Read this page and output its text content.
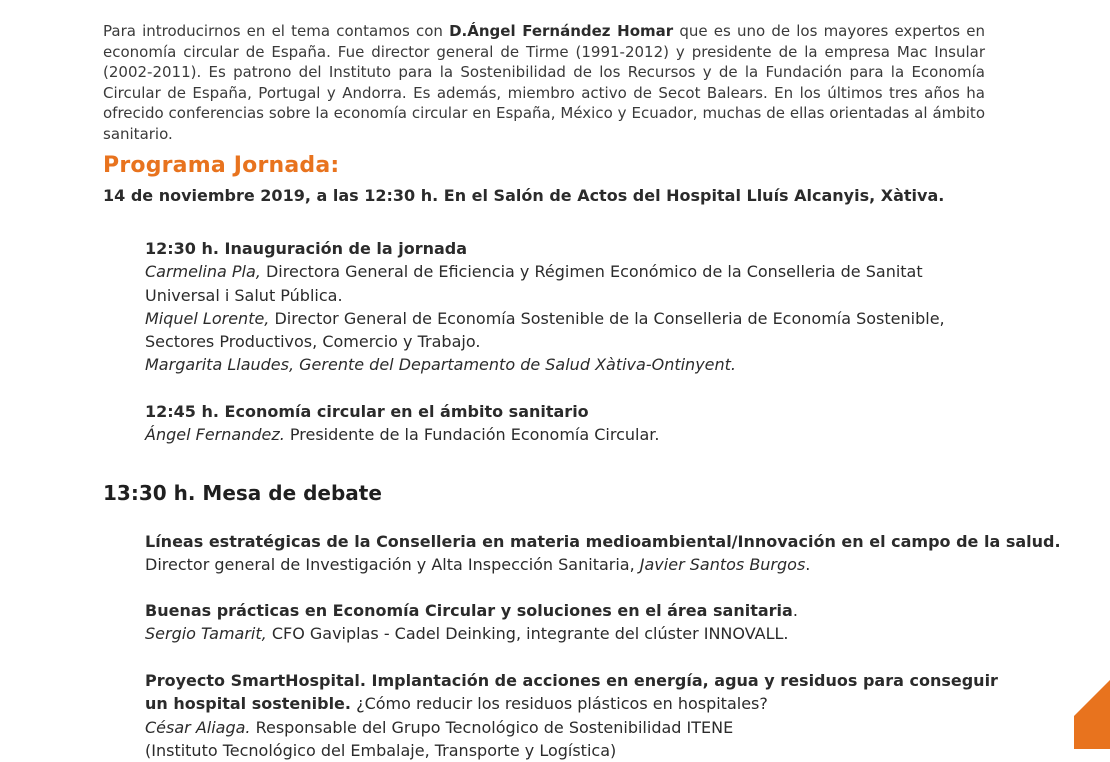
Para introducirnos en el tema contamos con D.Ángel Fernández Homar que es uno de los mayores expertos en economía circular de España. Fue director general de Tirme (1991-2012) y presidente de la empresa Mac Insular (2002-2011). Es patrono del Instituto para la Sostenibilidad de los Recursos y de la Fundación para la Economía Circular de España, Portugal y Andorra. Es además, miembro activo de Secot Balears. En los últimos tres años ha ofrecido conferencias sobre la economía circular en España, México y Ecuador, muchas de ellas orientadas al ámbito sanitario.

Programa Jornada:

14 de noviembre 2019, a las 12:30 h. En el Salón de Actos del Hospital Lluís Alcanyis, Xàtiva.

12:30 h. Inauguración de la jornada
Carmelina Pla, Directora General de Eficiencia y Régimen Económico de la Conselleria de Sanitat
Universal i Salut Pública.
Miquel Lorente, Director General de Economía Sostenible de la Conselleria de Economía Sostenible,
Sectores Productivos, Comercio y Trabajo.
Margarita Llaudes, Gerente del Departamento de Salud Xàtiva-Ontinyent.
12:45 h. Economía circular en el ámbito sanitario
Ángel Fernandez. Presidente de la Fundación Economía Circular.
13:30 h. Mesa de debate
Líneas estratégicas de la Conselleria en materia medioambiental/Innovación en el campo de la salud.
Director general de Investigación y Alta Inspección Sanitaria, Javier Santos Burgos.
Buenas prácticas en Economía Circular y soluciones en el área sanitaria.
Sergio Tamarit, CFO Gaviplas - Cadel Deinking, integrante del clúster INNOVALL.
Proyecto SmartHospital. Implantación de acciones en energía, agua y residuos para conseguir
un hospital sostenible. ¿Cómo reducir los residuos plásticos en hospitales?
César Aliaga. Responsable del Grupo Tecnológico de Sostenibilidad ITENE
(Instituto Tecnológico del Embalaje, Transporte y Logística)
